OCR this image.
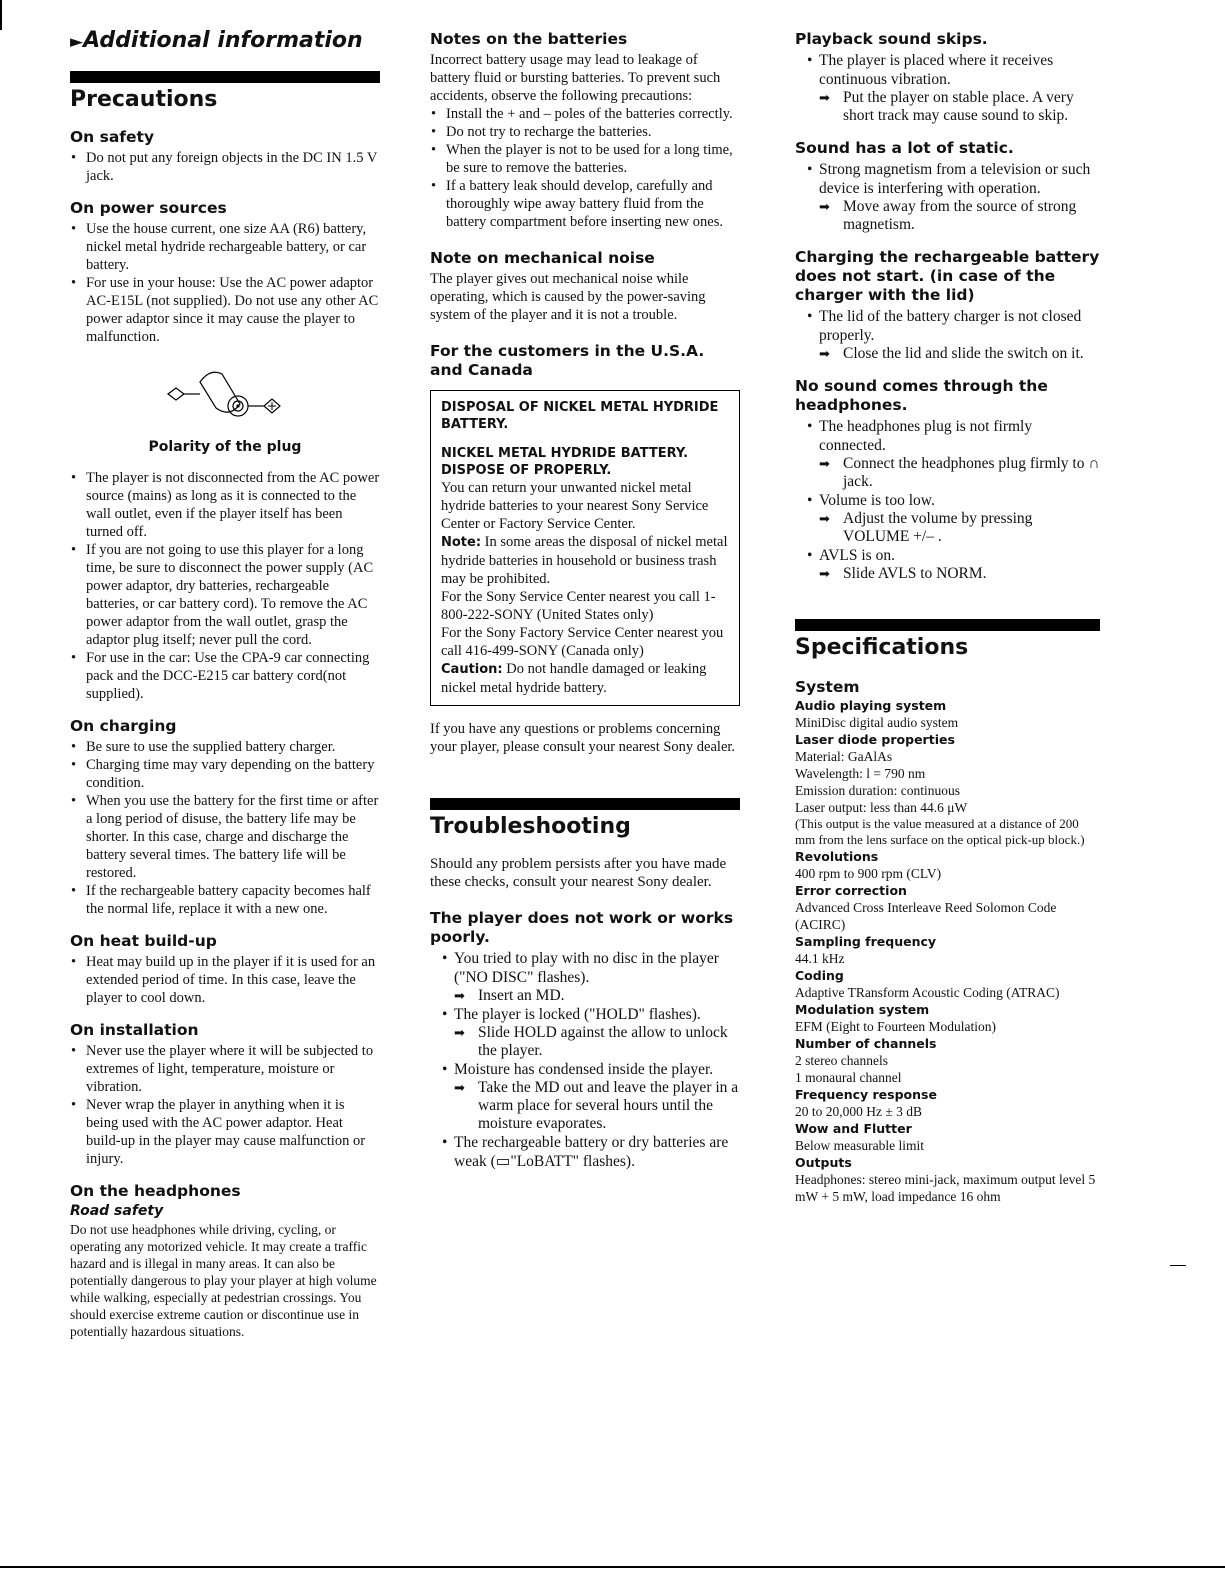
►Additional information
Precautions
On safety
• Do not put any foreign objects in the DC IN 1.5 V jack.
On power sources
• Use the house current, one size AA (R6) battery, nickel metal hydride rechargeable battery, or car battery.
• For use in your house: Use the AC power adaptor AC-E15L (not supplied). Do not use any other AC power adaptor since it may cause the player to malfunction.
Polarity of the plug
• The player is not disconnected from the AC power source (mains) as long as it is connected to the wall outlet, even if the player itself has been turned off.
• If you are not going to use this player for a long time, be sure to disconnect the power supply (AC power adaptor, dry batteries, rechargeable batteries, or car battery cord). To remove the AC power adaptor from the wall outlet, grasp the adaptor plug itself; never pull the cord.
• For use in the car: Use the CPA-9 car connecting pack and the DCC-E215 car battery cord(not supplied).
On charging
• Be sure to use the supplied battery charger.
• Charging time may vary depending on the battery condition.
• When you use the battery for the first time or after a long period of disuse, the battery life may be shorter. In this case, charge and discharge the battery several times. The battery life will be restored.
• If the rechargeable battery capacity becomes half the normal life, replace it with a new one.
On heat build-up
• Heat may build up in the player if it is used for an extended period of time. In this case, leave the player to cool down.
On installation
• Never use the player where it will be subjected to extremes of light, temperature, moisture or vibration.
• Never wrap the player in anything when it is being used with the AC power adaptor. Heat build-up in the player may cause malfunction or injury.
On the headphones
Road safety

Do not use headphones while driving, cycling, or operating any motorized vehicle. It may create a traffic hazard and is illegal in many areas. It can also be potentially dangerous to play your player at high volume while walking, especially at pedestrian crossings. You should exercise extreme caution or discontinue use in potentially hazardous situations.

Notes on the batteries

Incorrect battery usage may lead to leakage of battery fluid or bursting batteries. To prevent such accidents, observe the following precautions:

• Install the + and – poles of the batteries correctly.
• Do not try to recharge the batteries.
• When the player is not to be used for a long time, be sure to remove the batteries.
• If a battery leak should develop, carefully and thoroughly wipe away battery fluid from the battery compartment before inserting new ones.
Note on mechanical noise

The player gives out mechanical noise while operating, which is caused by the power-saving system of the player and it is not a trouble.

For the customers in the U.S.A. and Canada
DISPOSAL OF NICKEL METAL HYDRIDE BATTERY.
NICKEL METAL HYDRIDE BATTERY. DISPOSE OF PROPERLY.

You can return your unwanted nickel metal hydride batteries to your nearest Sony Service Center or Factory Service Center.

Note: In some areas the disposal of nickel metal hydride batteries in household or business trash may be prohibited.

For the Sony Service Center nearest you call 1-800-222-SONY (United States only)

For the Sony Factory Service Center nearest you call 416-499-SONY (Canada only)

Caution: Do not handle damaged or leaking nickel metal hydride battery.

If you have any questions or problems concerning your player, please consult your nearest Sony dealer.

Troubleshooting

Should any problem persists after you have made these checks, consult your nearest Sony dealer.

The player does not work or works poorly.
• You tried to play with no disc in the player ("NO DISC" flashes).
➡ Insert an MD.
• The player is locked ("HOLD" flashes).
➡ Slide HOLD against the allow to unlock the player.
• Moisture has condensed inside the player.
➡ Take the MD out and leave the player in a warm place for several hours until the moisture evaporates.
• The rechargeable battery or dry batteries are weak (▭"LoBATT" flashes).
Playback sound skips.
• The player is placed where it receives continuous vibration.
➡ Put the player on stable place. A very short track may cause sound to skip.
Sound has a lot of static.
• Strong magnetism from a television or such device is interfering with operation.
➡ Move away from the source of strong magnetism.
Charging the rechargeable battery does not start. (in case of the charger with the lid)
• The lid of the battery charger is not closed properly.
➡ Close the lid and slide the switch on it.
No sound comes through the headphones.
• The headphones plug is not firmly connected.
➡ Connect the headphones plug firmly to ∩ jack.
• Volume is too low.
➡ Adjust the volume by pressing VOLUME +/– .
• AVLS is on.
➡ Slide AVLS to NORM.
Specifications
System
Audio playing system
MiniDisc digital audio system
Laser diode properties
Material: GaAlAs
Wavelength: l = 790 nm
Emission duration: continuous
Laser output: less than 44.6 μW
(This output is the value measured at a distance of 200 mm from the lens surface on the optical pick-up block.)
Revolutions
400 rpm to 900 rpm (CLV)
Error correction
Advanced Cross Interleave Reed Solomon Code (ACIRC)
Sampling frequency
44.1 kHz
Coding
Adaptive TRansform Acoustic Coding (ATRAC)
Modulation system
EFM (Eight to Fourteen Modulation)
Number of channels
2 stereo channels
1 monaural channel
Frequency response
20 to 20,000 Hz ± 3 dB
Wow and Flutter
Below measurable limit
Outputs
Headphones: stereo mini-jack, maximum output level 5 mW + 5 mW, load impedance 16 ohm
